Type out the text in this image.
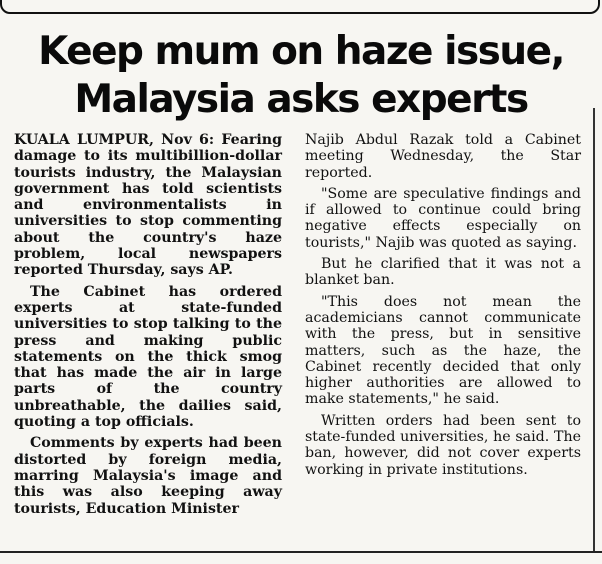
Keep mum on haze issue,
Malaysia asks experts

KUALA LUMPUR, Nov 6: Fearing damage to its multibillion-dollar tourists industry, the Malaysian government has told scientists and environmentalists in universities to stop commenting about the country's haze problem, local newspapers reported Thursday, says AP.

The Cabinet has ordered experts at state-funded universities to stop talking to the press and making public statements on the thick smog that has made the air in large parts of the country unbreathable, the dailies said, quoting a top officials.

Comments by experts had been distorted by foreign media, marring Malaysia's image and this was also keeping away tourists, Education Minister

Najib Abdul Razak told a Cabinet meeting Wednesday, the Star reported.

"Some are speculative findings and if allowed to continue could bring negative effects especially on tourists," Najib was quoted as saying.

But he clarified that it was not a blanket ban.

"This does not mean the academicians cannot communicate with the press, but in sensitive matters, such as the haze, the Cabinet recently decided that only higher authorities are allowed to make statements," he said.

Written orders had been sent to state-funded universities, he said. The ban, however, did not cover experts working in private institutions.
